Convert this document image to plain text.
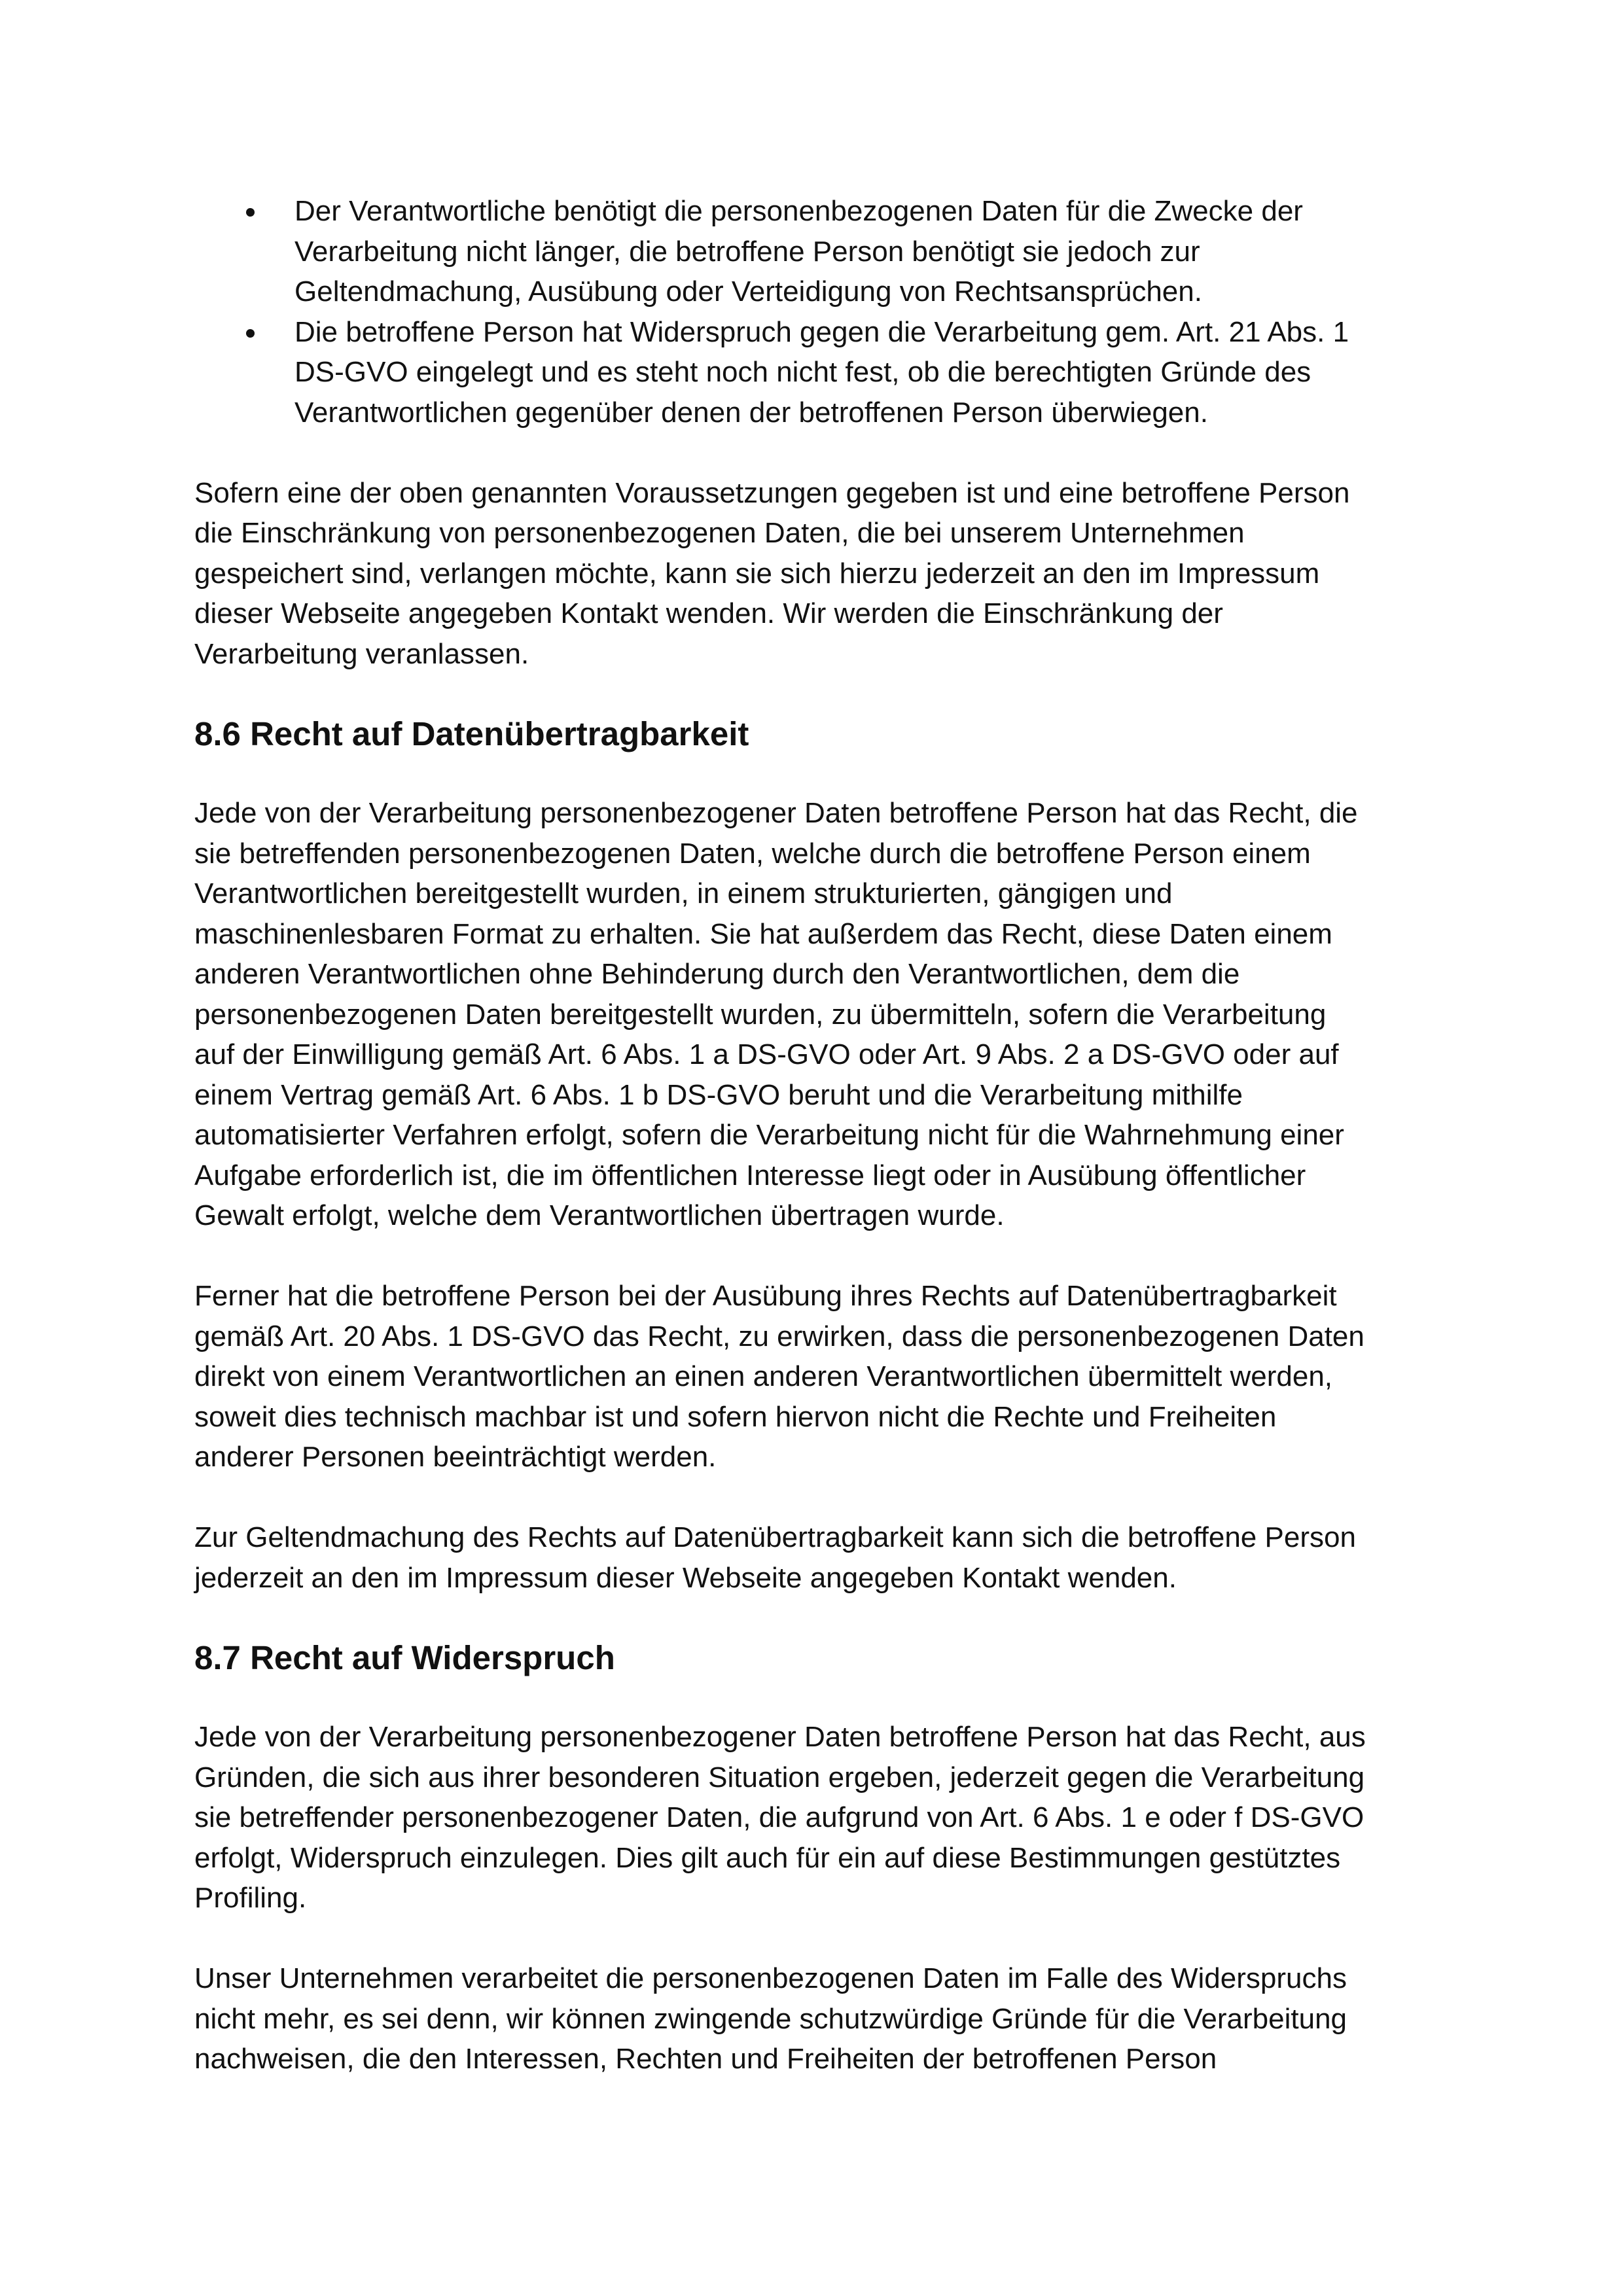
Der Verantwortliche benötigt die personenbezogenen Daten für die Zwecke der
Verarbeitung nicht länger, die betroffene Person benötigt sie jedoch zur
Geltendmachung, Ausübung oder Verteidigung von Rechtsansprüchen.
Die betroffene Person hat Widerspruch gegen die Verarbeitung gem. Art. 21 Abs. 1
DS-GVO eingelegt und es steht noch nicht fest, ob die berechtigten Gründe des
Verantwortlichen gegenüber denen der betroffenen Person überwiegen.

Sofern eine der oben genannten Voraussetzungen gegeben ist und eine betroffene Person
die Einschränkung von personenbezogenen Daten, die bei unserem Unternehmen
gespeichert sind, verlangen möchte, kann sie sich hierzu jederzeit an den im Impressum
dieser Webseite angegeben Kontakt wenden. Wir werden die Einschränkung der
Verarbeitung veranlassen.

8.6 Recht auf Datenübertragbarkeit

Jede von der Verarbeitung personenbezogener Daten betroffene Person hat das Recht, die
sie betreffenden personenbezogenen Daten, welche durch die betroffene Person einem
Verantwortlichen bereitgestellt wurden, in einem strukturierten, gängigen und
maschinenlesbaren Format zu erhalten. Sie hat außerdem das Recht, diese Daten einem
anderen Verantwortlichen ohne Behinderung durch den Verantwortlichen, dem die
personenbezogenen Daten bereitgestellt wurden, zu übermitteln, sofern die Verarbeitung
auf der Einwilligung gemäß Art. 6 Abs. 1 a DS-GVO oder Art. 9 Abs. 2 a DS-GVO oder auf
einem Vertrag gemäß Art. 6 Abs. 1 b DS-GVO beruht und die Verarbeitung mithilfe
automatisierter Verfahren erfolgt, sofern die Verarbeitung nicht für die Wahrnehmung einer
Aufgabe erforderlich ist, die im öffentlichen Interesse liegt oder in Ausübung öffentlicher
Gewalt erfolgt, welche dem Verantwortlichen übertragen wurde.

Ferner hat die betroffene Person bei der Ausübung ihres Rechts auf Datenübertragbarkeit
gemäß Art. 20 Abs. 1 DS-GVO das Recht, zu erwirken, dass die personenbezogenen Daten
direkt von einem Verantwortlichen an einen anderen Verantwortlichen übermittelt werden,
soweit dies technisch machbar ist und sofern hiervon nicht die Rechte und Freiheiten
anderer Personen beeinträchtigt werden.

Zur Geltendmachung des Rechts auf Datenübertragbarkeit kann sich die betroffene Person
jederzeit an den im Impressum dieser Webseite angegeben Kontakt wenden.

8.7 Recht auf Widerspruch

Jede von der Verarbeitung personenbezogener Daten betroffene Person hat das Recht, aus
Gründen, die sich aus ihrer besonderen Situation ergeben, jederzeit gegen die Verarbeitung
sie betreffender personenbezogener Daten, die aufgrund von Art. 6 Abs. 1 e oder f DS-GVO
erfolgt, Widerspruch einzulegen. Dies gilt auch für ein auf diese Bestimmungen gestütztes
Profiling.

Unser Unternehmen verarbeitet die personenbezogenen Daten im Falle des Widerspruchs
nicht mehr, es sei denn, wir können zwingende schutzwürdige Gründe für die Verarbeitung
nachweisen, die den Interessen, Rechten und Freiheiten der betroffenen Person
